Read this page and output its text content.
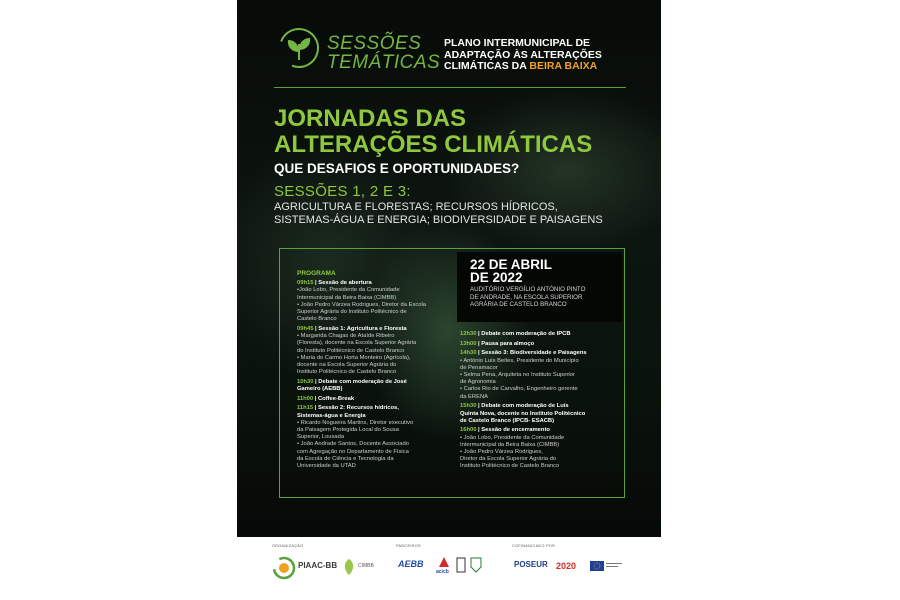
SESSÕES
TEMÁTICAS
PLANO INTERMUNICIPAL DE
ADAPTAÇÃO ÀS ALTERAÇÕES
CLIMÁTICAS DA BEIRA BAIXA
JORNADAS DAS
ALTERAÇÕES CLIMÁTICAS
QUE DESAFIOS E OPORTUNIDADES?
SESSÕES 1, 2 E 3:
AGRICULTURA E FLORESTAS; RECURSOS HÍDRICOS,
SISTEMAS-ÁGUA E ENERGIA; BIODIVERSIDADE E PAISAGENS
22 DE ABRIL
DE 2022
AUDITÓRIO VERGÍLIO ANTÓNIO PINTO
DE ANDRADE, NA ESCOLA SUPERIOR
AGRÁRIA DE CASTELO BRANCO
PROGRAMA
09h15 | Sessão de abertura
•João Lobo, Presidente da Comunidade
Intermunicipal da Beira Baixa (CIMBB)
• João Pedro Várzea Rodrigues, Diretor da Escola
Superior Agrária do Instituto Politécnico de
Castelo Branco
09h45 | Sessão 1: Agricultura e Floresta
• Margarida Chagas de Ataíde Ribeiro
(Floresta), docente na Escola Superior Agrária
do Instituto Politécnico de Castelo Branco
• Maria do Carmo Horta Monteiro (Agrícola),
docente na Escola Superior Agrária do
Instituto Politécnico de Castelo Branco
10h30 | Debate com moderação de José
Gameiro (AEBB)
11h00 | Coffee-Break
11h15 | Sessão 2: Recursos hídricos,
Sistemas-água e Energia
• Ricardo Nogueira Martins, Diretor executivo
da Paisagem Protegida Local do Sousa
Superior, Lousada
• João Andrade Santos, Docente Associado
com Agregação no Departamento de Física
da Escola de Ciência e Tecnologia da
Universidade da UTAD
12h30 | Debate com moderação de IPCB
13h00 | Pausa para almoço
14h30 | Sessão 3: Biodiversidade e Paisagens
• António Luís Beites, Presidente do Município
de Penamacor
• Selma Pena, Arquiteta no Instituto Superior
de Agronomia
• Carlos Rio de Carvalho, Engenheiro gerente
da ERENA
15h30 | Debate com moderação de Luís
Quinta Nova, docente no Instituto Politécnico
de Castelo Branco (IPCB- ESACB)
16h00 | Sessão de encerramento
• João Lobo, Presidente da Comunidade
Intermunicipal da Beira Baixa (CIMBB)
• João Pedro Várzea Rodrigues,
Diretor da Escola Superior Agrária do
Instituto Politécnico de Castelo Branco
ORGANIZAÇÃO	PARCEIROS	COFINANCIADO POR
PIAAC-BB	CIMBB	AEBB
acicb
POSEUR 2020
